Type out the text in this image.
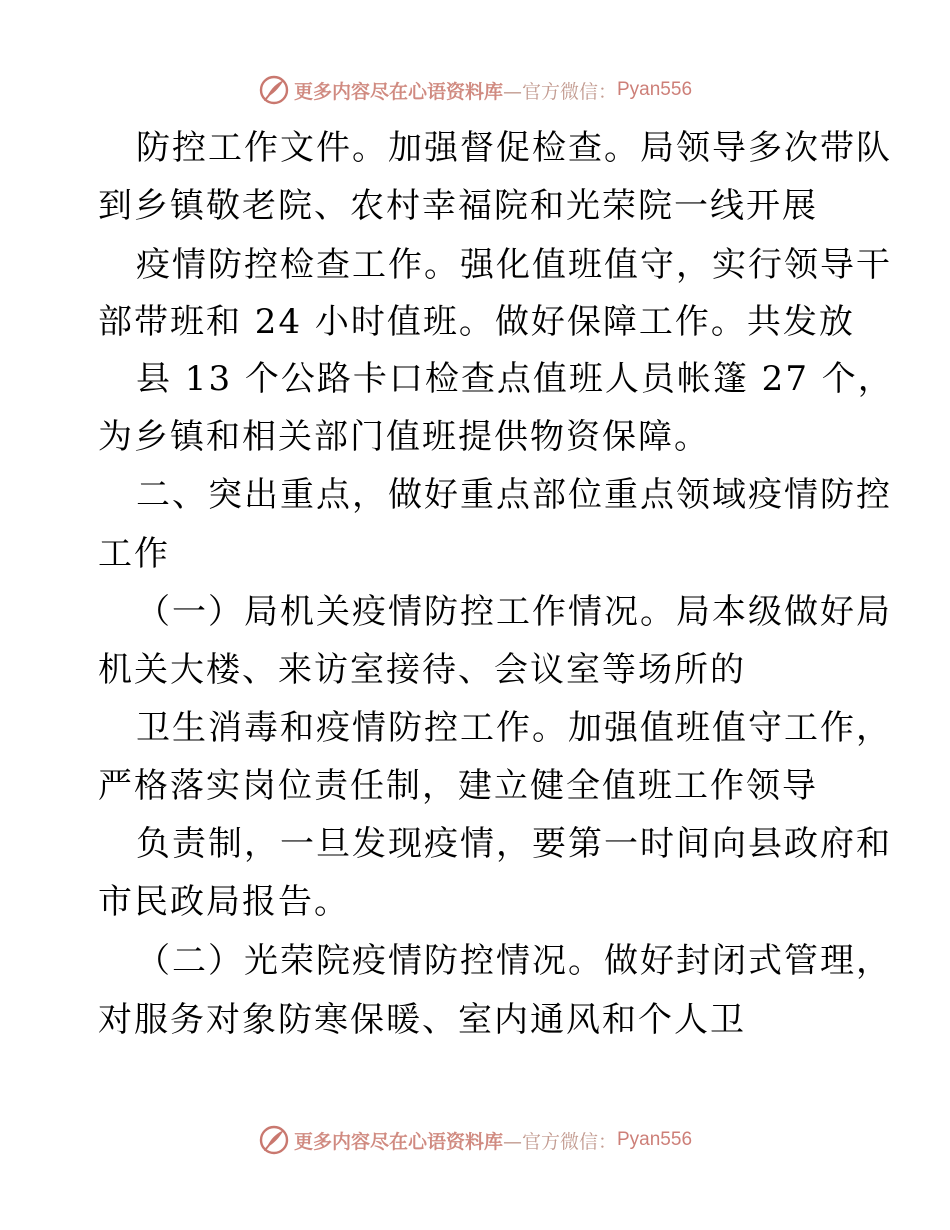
更多内容尽在心语资料库 —官方微信： Pyan556
防控工作文件。加强督促检查。局领导多次带队
到乡镇敬老院、农村幸福院和光荣院一线开展
疫情防控检查工作。强化值班值守，实行领导干
部带班和 24 小时值班。做好保障工作。共发放
县 13 个公路卡口检查点值班人员帐篷 27 个，
为乡镇和相关部门值班提供物资保障。
二、突出重点，做好重点部位重点领域疫情防控
工作
（一）局机关疫情防控工作情况。局本级做好局
机关大楼、来访室接待、会议室等场所的
卫生消毒和疫情防控工作。加强值班值守工作，
严格落实岗位责任制，建立健全值班工作领导
负责制，一旦发现疫情，要第一时间向县政府和
市民政局报告。
（二）光荣院疫情防控情况。做好封闭式管理，
对服务对象防寒保暖、室内通风和个人卫
更多内容尽在心语资料库 —官方微信： Pyan556
